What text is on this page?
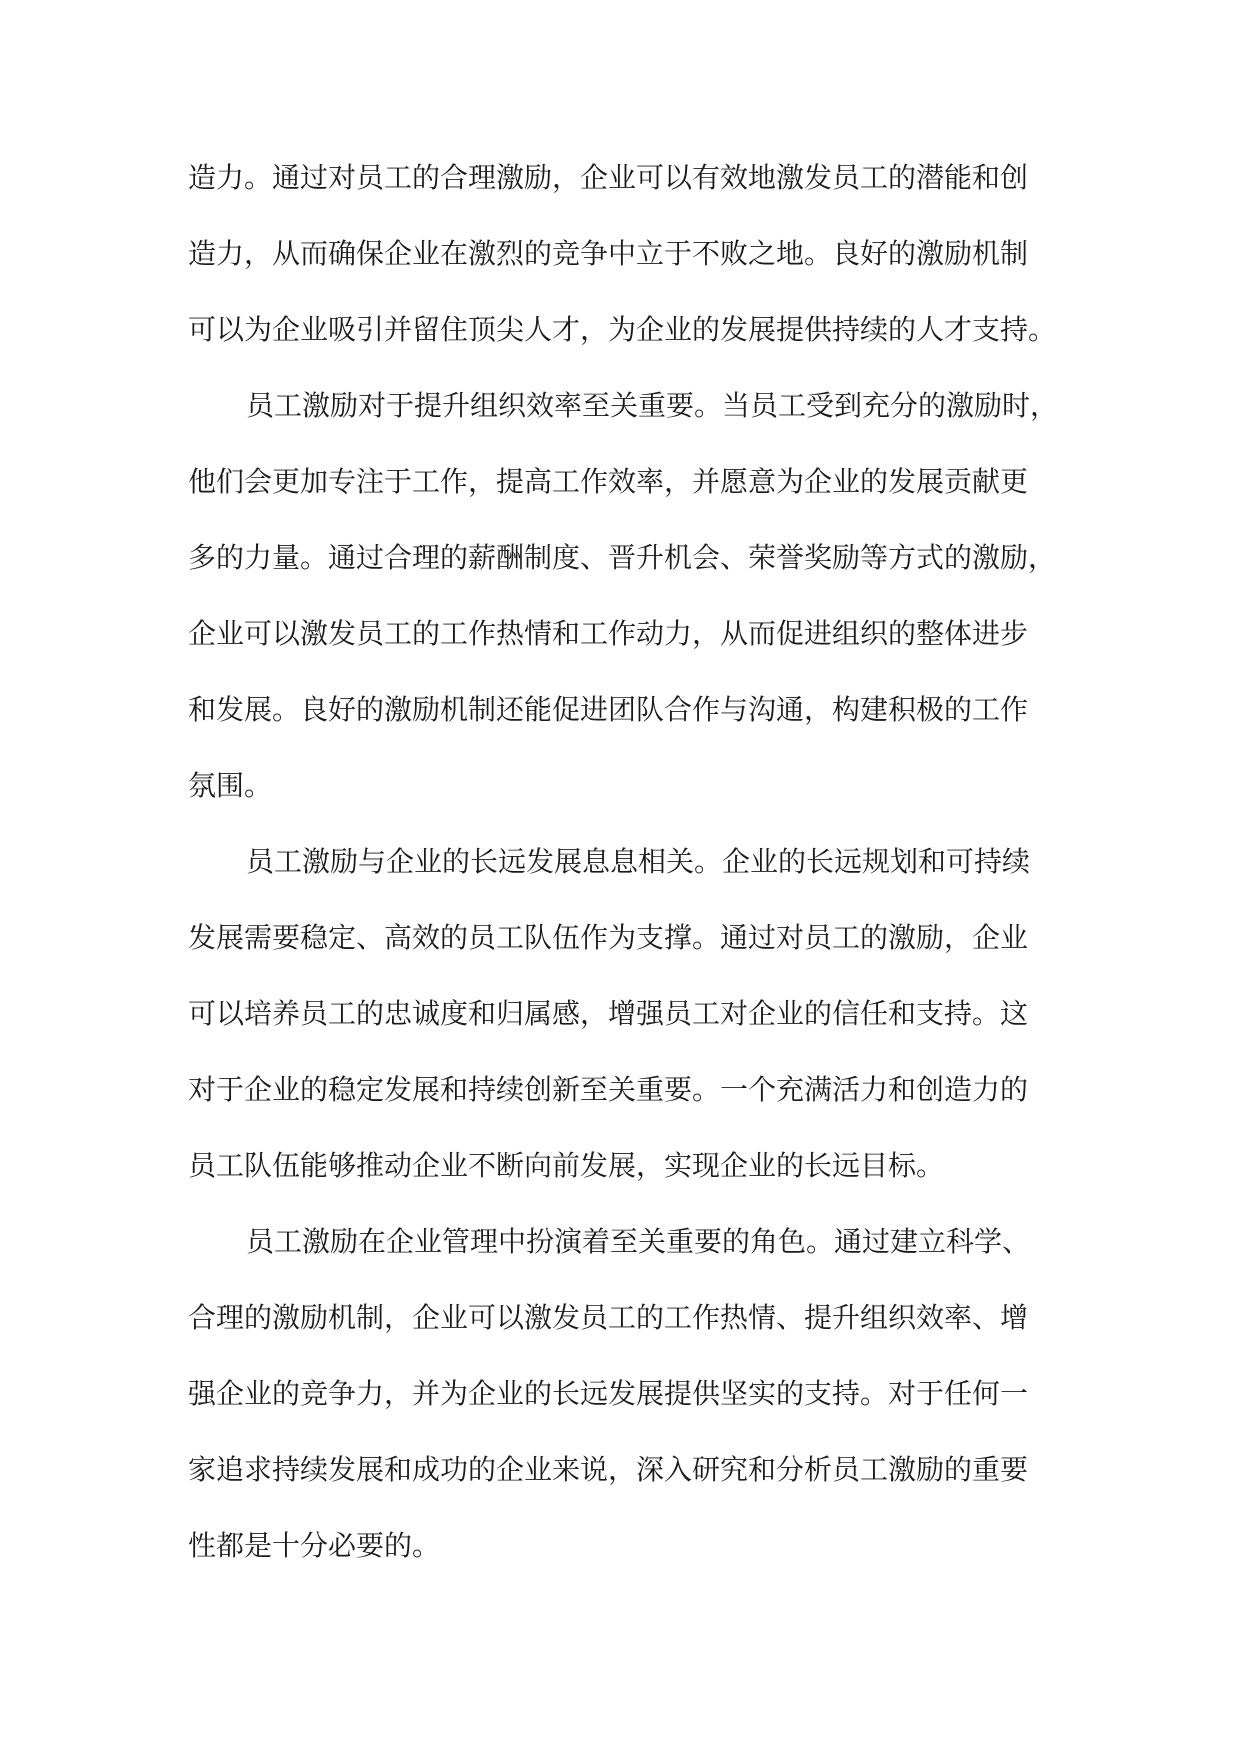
造力。通过对员工的合理激励，企业可以有效地激发员工的潜能和创
造力，从而确保企业在激烈的竞争中立于不败之地。良好的激励机制
可以为企业吸引并留住顶尖人才，为企业的发展提供持续的人才支持。
员工激励对于提升组织效率至关重要。当员工受到充分的激励时，
他们会更加专注于工作，提高工作效率，并愿意为企业的发展贡献更
多的力量。通过合理的薪酬制度、晋升机会、荣誉奖励等方式的激励，
企业可以激发员工的工作热情和工作动力，从而促进组织的整体进步
和发展。良好的激励机制还能促进团队合作与沟通，构建积极的工作
氛围。
员工激励与企业的长远发展息息相关。企业的长远规划和可持续
发展需要稳定、高效的员工队伍作为支撑。通过对员工的激励，企业
可以培养员工的忠诚度和归属感，增强员工对企业的信任和支持。这
对于企业的稳定发展和持续创新至关重要。一个充满活力和创造力的
员工队伍能够推动企业不断向前发展，实现企业的长远目标。
员工激励在企业管理中扮演着至关重要的角色。通过建立科学、
合理的激励机制，企业可以激发员工的工作热情、提升组织效率、增
强企业的竞争力，并为企业的长远发展提供坚实的支持。对于任何一
家追求持续发展和成功的企业来说，深入研究和分析员工激励的重要
性都是十分必要的。
